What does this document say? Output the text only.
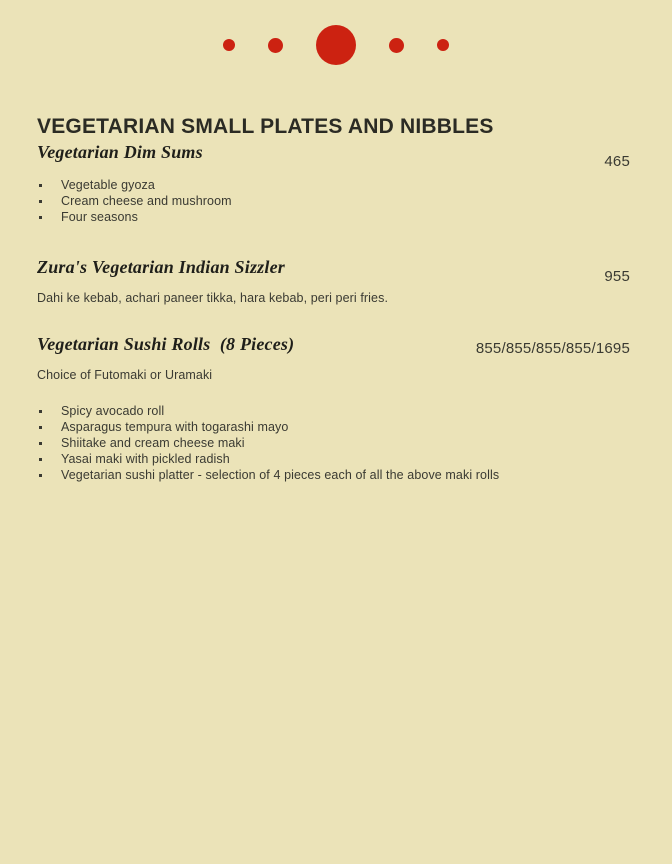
VEGETARIAN SMALL PLATES AND NIBBLES
Vegetarian Dim Sums	465
Vegetable gyoza
Cream cheese and mushroom
Four seasons
Zura's Vegetarian Indian Sizzler	955
Dahi ke kebab, achari paneer tikka, hara kebab, peri peri fries.
Vegetarian Sushi Rolls  (8 Pieces)	855/855/855/855/1695
Choice of Futomaki or Uramaki
Spicy avocado roll
Asparagus tempura with togarashi mayo
Shiitake and cream cheese maki
Yasai maki with pickled radish
Vegetarian sushi platter - selection of 4 pieces each of all the above maki rolls
